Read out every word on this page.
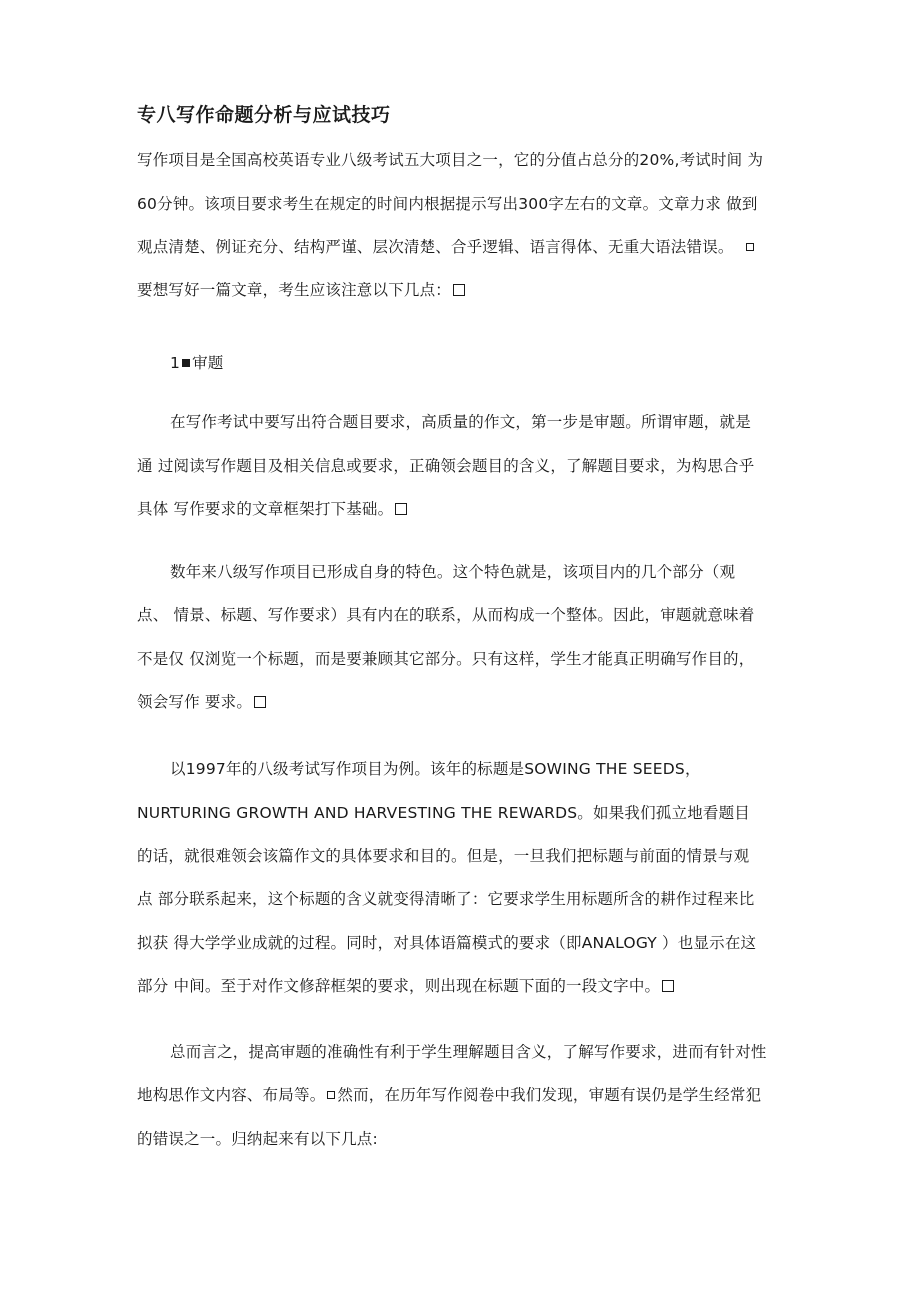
专八写作命题分析与应试技巧
写作项目是全国高校英语专业八级考试五大项目之一，它的分值占总分的20%,考试时间 为
60分钟。该项目要求考生在规定的时间内根据提示写出300字左右的文章。文章力求 做到
观点清楚、例证充分、结构严谨、层次清楚、合乎逻辑、语言得体、无重大语法错误。
要想写好一篇文章，考生应该注意以下几点：
1 审题
在写作考试中要写出符合题目要求，高质量的作文，第一步是审题。所谓审题，就是
通 过阅读写作题目及相关信息或要求，正确领会题目的含义，了解题目要求，为构思合乎
具体 写作要求的文章框架打下基础。
数年来八级写作项目已形成自身的特色。这个特色就是，该项目内的几个部分（观
点、 情景、标题、写作要求）具有内在的联系，从而构成一个整体。因此，审题就意味着
不是仅 仅浏览一个标题，而是要兼顾其它部分。只有这样，学生才能真正明确写作目的，
领会写作 要求。
以1997年的八级考试写作项目为例。该年的标题是SOWING THE SEEDS，
NURTURING GROWTH AND HARVESTING THE REWARDS。如果我们孤立地看题目
的话，就很难领会该篇作文的具体要求和目的。但是，一旦我们把标题与前面的情景与观
点 部分联系起来，这个标题的含义就变得清晰了：它要求学生用标题所含的耕作过程来比
拟获 得大学学业成就的过程。同时，对具体语篇模式的要求（即ANALOGY ）也显示在这
部分 中间。至于对作文修辞框架的要求，则出现在标题下面的一段文字中。
总而言之，提高审题的准确性有利于学生理解题目含义，了解写作要求，进而有针对性
地构思作文内容、布局等。 然而，在历年写作阅卷中我们发现，审题有误仍是学生经常犯
的错误之一。归纳起来有以下几点:
